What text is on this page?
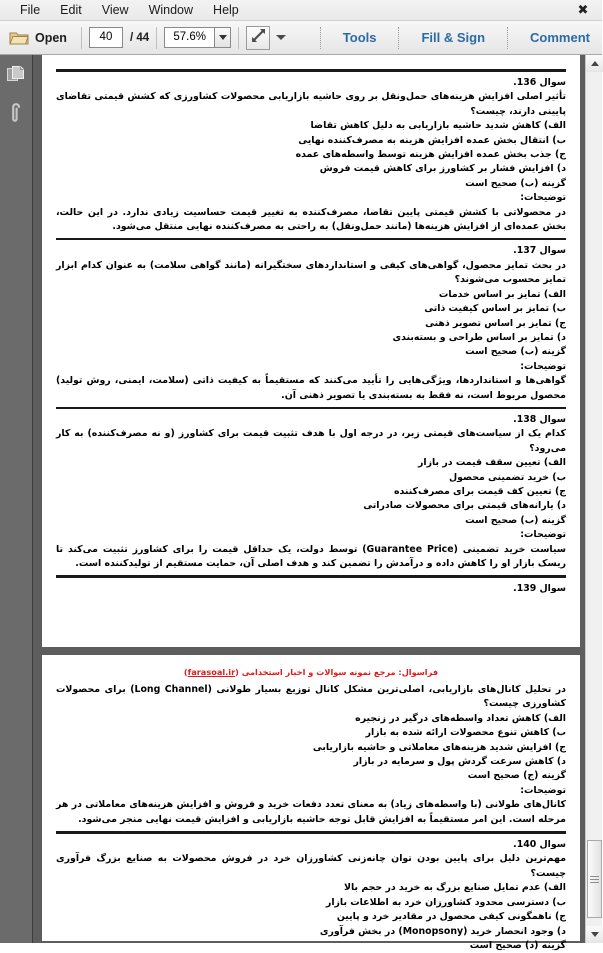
File	Edit	View	Window	Help	✖
Open	40	/ 44	57.6%	Tools	Fill & Sign	Comment
سوال 136.
تأثیر اصلی افزایش هزینه‌های حمل‌ونقل بر روی حاشیه بازاریابی محصولات کشاورزی که کشش قیمتی تقاضای پایینی دارند، چیست؟
الف) کاهش شدید حاشیه بازاریابی به دلیل کاهش تقاضا
ب) انتقال بخش عمده افزایش هزینه به مصرف‌کننده نهایی
ج) جذب بخش عمده افزایش هزینه توسط واسطه‌های عمده
د) افزایش فشار بر کشاورز برای کاهش قیمت فروش
گزینه (ب) صحیح است
توضیحات:
در محصولاتی با کشش قیمتی پایین تقاضا، مصرف‌کننده به تغییر قیمت حساسیت زیادی ندارد. در این حالت، بخش عمده‌ای از افزایش هزینه‌ها (مانند حمل‌ونقل) به راحتی به مصرف‌کننده نهایی منتقل می‌شود.
سوال 137.
در بحث تمایز محصول، گواهی‌های کیفی و استانداردهای سختگیرانه (مانند گواهی سلامت) به عنوان کدام ابزار تمایز محسوب می‌شوند؟
الف) تمایز بر اساس خدمات
ب) تمایز بر اساس کیفیت ذاتی
ج) تمایز بر اساس تصویر ذهنی
د) تمایز بر اساس طراحی و بسته‌بندی
گزینه (ب) صحیح است
توضیحات:
گواهی‌ها و استانداردها، ویژگی‌هایی را تأیید می‌کنند که مستقیماً به کیفیت ذاتی (سلامت، ایمنی، روش تولید) محصول مربوط است، نه فقط به بسته‌بندی یا تصویر ذهنی آن.
سوال 138.
کدام یک از سیاست‌های قیمتی زیر، در درجه اول با هدف تثبیت قیمت برای کشاورز (و نه مصرف‌کننده) به کار می‌رود؟
الف) تعیین سقف قیمت در بازار
ب) خرید تضمینی محصول
ج) تعیین کف قیمت برای مصرف‌کننده
د) یارانه‌های قیمتی برای محصولات صادراتی
گزینه (ب) صحیح است
توضیحات:
سیاست خرید تضمینی (Guarantee Price) توسط دولت، یک حداقل قیمت را برای کشاورز تثبیت می‌کند تا ریسک بازار او را کاهش داده و درآمدش را تضمین کند و هدف اصلی آن، حمایت مستقیم از تولیدکننده است.
سوال 139.
فراسوال: مرجع نمونه سوالات و اخبار استخدامی (farasoal.ir)
در تحلیل کانال‌های بازاریابی، اصلی‌ترین مشکل کانال توزیع بسیار طولانی (Long Channel) برای محصولات کشاورزی چیست؟
الف) کاهش تعداد واسطه‌های درگیر در زنجیره
ب) کاهش تنوع محصولات ارائه شده به بازار
ج) افزایش شدید هزینه‌های معاملاتی و حاشیه بازاریابی
د) کاهش سرعت گردش پول و سرمایه در بازار
گزینه (ج) صحیح است
توضیحات:
کانال‌های طولانی (با واسطه‌های زیاد) به معنای تعدد دفعات خرید و فروش و افزایش هزینه‌های معاملاتی در هر مرحله است. این امر مستقیماً به افزایش قابل توجه حاشیه بازاریابی و افزایش قیمت نهایی منجر می‌شود.
سوال 140.
مهم‌ترین دلیل برای پایین بودن توان چانه‌زنی کشاورزان خرد در فروش محصولات به صنایع بزرگ فرآوری چیست؟
الف) عدم تمایل صنایع بزرگ به خرید در حجم بالا
ب) دسترسی محدود کشاورزان خرد به اطلاعات بازار
ج) ناهمگونی کیفی محصول در مقادیر خرد و پایین
د) وجود انحصار خرید (Monopsony) در بخش فرآوری
گزینه (د) صحیح است
